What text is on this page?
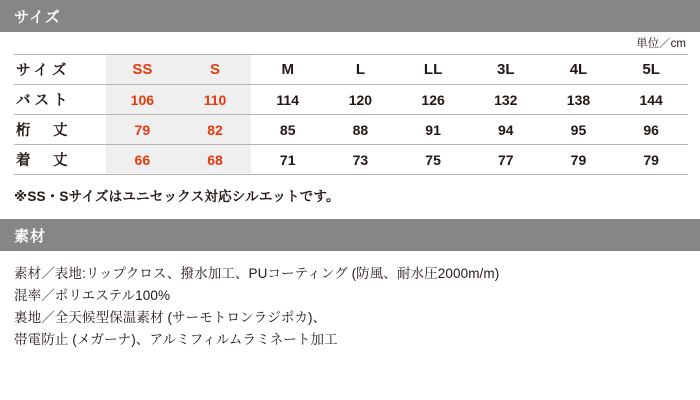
サイズ
単位／cm
サイズ	SS	S	M	L	LL	3L	4L	5L
バスト	106	110	114	120	126	132	138	144
桁　丈	79	82	85	88	91	94	95	96
着　丈	66	68	71	73	75	77	79	79
※SS・Sサイズはユニセックス対応シルエットです。
素材
素材／表地:リップクロス、撥水加工、PUコーティング (防風、耐水圧2000m/m)
混率／ポリエステル100%
裏地／全天候型保温素材 (サーモトロンラジポカ)、
帯電防止 (メガーナ)、アルミフィルムラミネート加工
